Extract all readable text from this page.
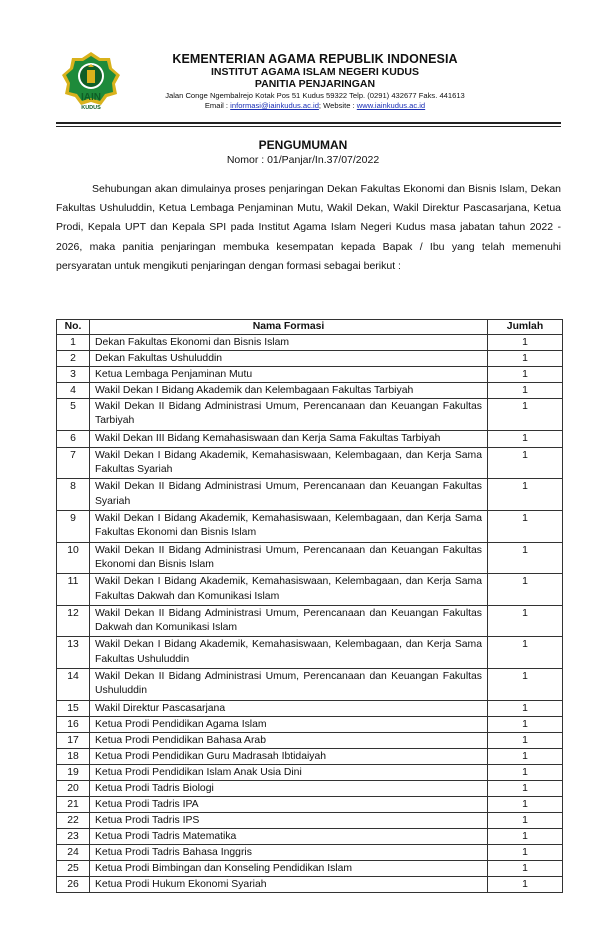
IAIN
KUDUS
KEMENTERIAN AGAMA REPUBLIK INDONESIA
INSTITUT AGAMA ISLAM NEGERI KUDUS
PANITIA PENJARINGAN
Jalan Conge Ngembalrejo Kotak Pos 51 Kudus 59322 Telp. (0291) 432677 Faks. 441613
Email : informasi@iainkudus.ac.id; Website : www.iainkudus.ac.id
PENGUMUMAN
Nomor : 01/Panjar/In.37/07/2022
Sehubungan akan dimulainya proses penjaringan Dekan Fakultas Ekonomi dan Bisnis Islam, Dekan Fakultas Ushuluddin, Ketua Lembaga Penjaminan Mutu, Wakil Dekan, Wakil Direktur Pascasarjana, Ketua Prodi, Kepala UPT dan Kepala SPI pada Institut Agama Islam Negeri Kudus masa jabatan tahun 2022 - 2026, maka panitia penjaringan membuka kesempatan kepada Bapak / Ibu yang telah memenuhi persyaratan untuk mengikuti penjaringan dengan formasi sebagai berikut :
No.	Nama Formasi	Jumlah
1	Dekan Fakultas Ekonomi dan Bisnis Islam	1
2	Dekan Fakultas Ushuluddin	1
3	Ketua Lembaga Penjaminan Mutu	1
4	Wakil Dekan I Bidang Akademik dan Kelembagaan Fakultas Tarbiyah	1
5	Wakil Dekan II Bidang Administrasi Umum, Perencanaan dan Keuangan Fakultas Tarbiyah	1
6	Wakil Dekan III Bidang Kemahasiswaan dan Kerja Sama Fakultas Tarbiyah	1
7	Wakil Dekan I Bidang Akademik, Kemahasiswaan, Kelembagaan, dan Kerja Sama Fakultas Syariah	1
8	Wakil Dekan II Bidang Administrasi Umum, Perencanaan dan Keuangan Fakultas Syariah	1
9	Wakil Dekan I Bidang Akademik, Kemahasiswaan, Kelembagaan, dan Kerja Sama Fakultas Ekonomi dan Bisnis Islam	1
10	Wakil Dekan II Bidang Administrasi Umum, Perencanaan dan Keuangan Fakultas Ekonomi dan Bisnis Islam	1
11	Wakil Dekan I Bidang Akademik, Kemahasiswaan, Kelembagaan, dan Kerja Sama Fakultas Dakwah dan Komunikasi Islam	1
12	Wakil Dekan II Bidang Administrasi Umum, Perencanaan dan Keuangan Fakultas Dakwah dan Komunikasi Islam	1
13	Wakil Dekan I Bidang Akademik, Kemahasiswaan, Kelembagaan, dan Kerja Sama Fakultas Ushuluddin	1
14	Wakil Dekan II Bidang Administrasi Umum, Perencanaan dan Keuangan Fakultas Ushuluddin	1
15	Wakil Direktur Pascasarjana	1
16	Ketua Prodi Pendidikan Agama Islam	1
17	Ketua Prodi Pendidikan Bahasa Arab	1
18	Ketua Prodi Pendidikan Guru Madrasah Ibtidaiyah	1
19	Ketua Prodi Pendidikan Islam Anak Usia Dini	1
20	Ketua Prodi Tadris Biologi	1
21	Ketua Prodi Tadris IPA	1
22	Ketua Prodi Tadris IPS	1
23	Ketua Prodi Tadris Matematika	1
24	Ketua Prodi Tadris Bahasa Inggris	1
25	Ketua Prodi Bimbingan dan Konseling Pendidikan Islam	1
26	Ketua Prodi Hukum Ekonomi Syariah	1
